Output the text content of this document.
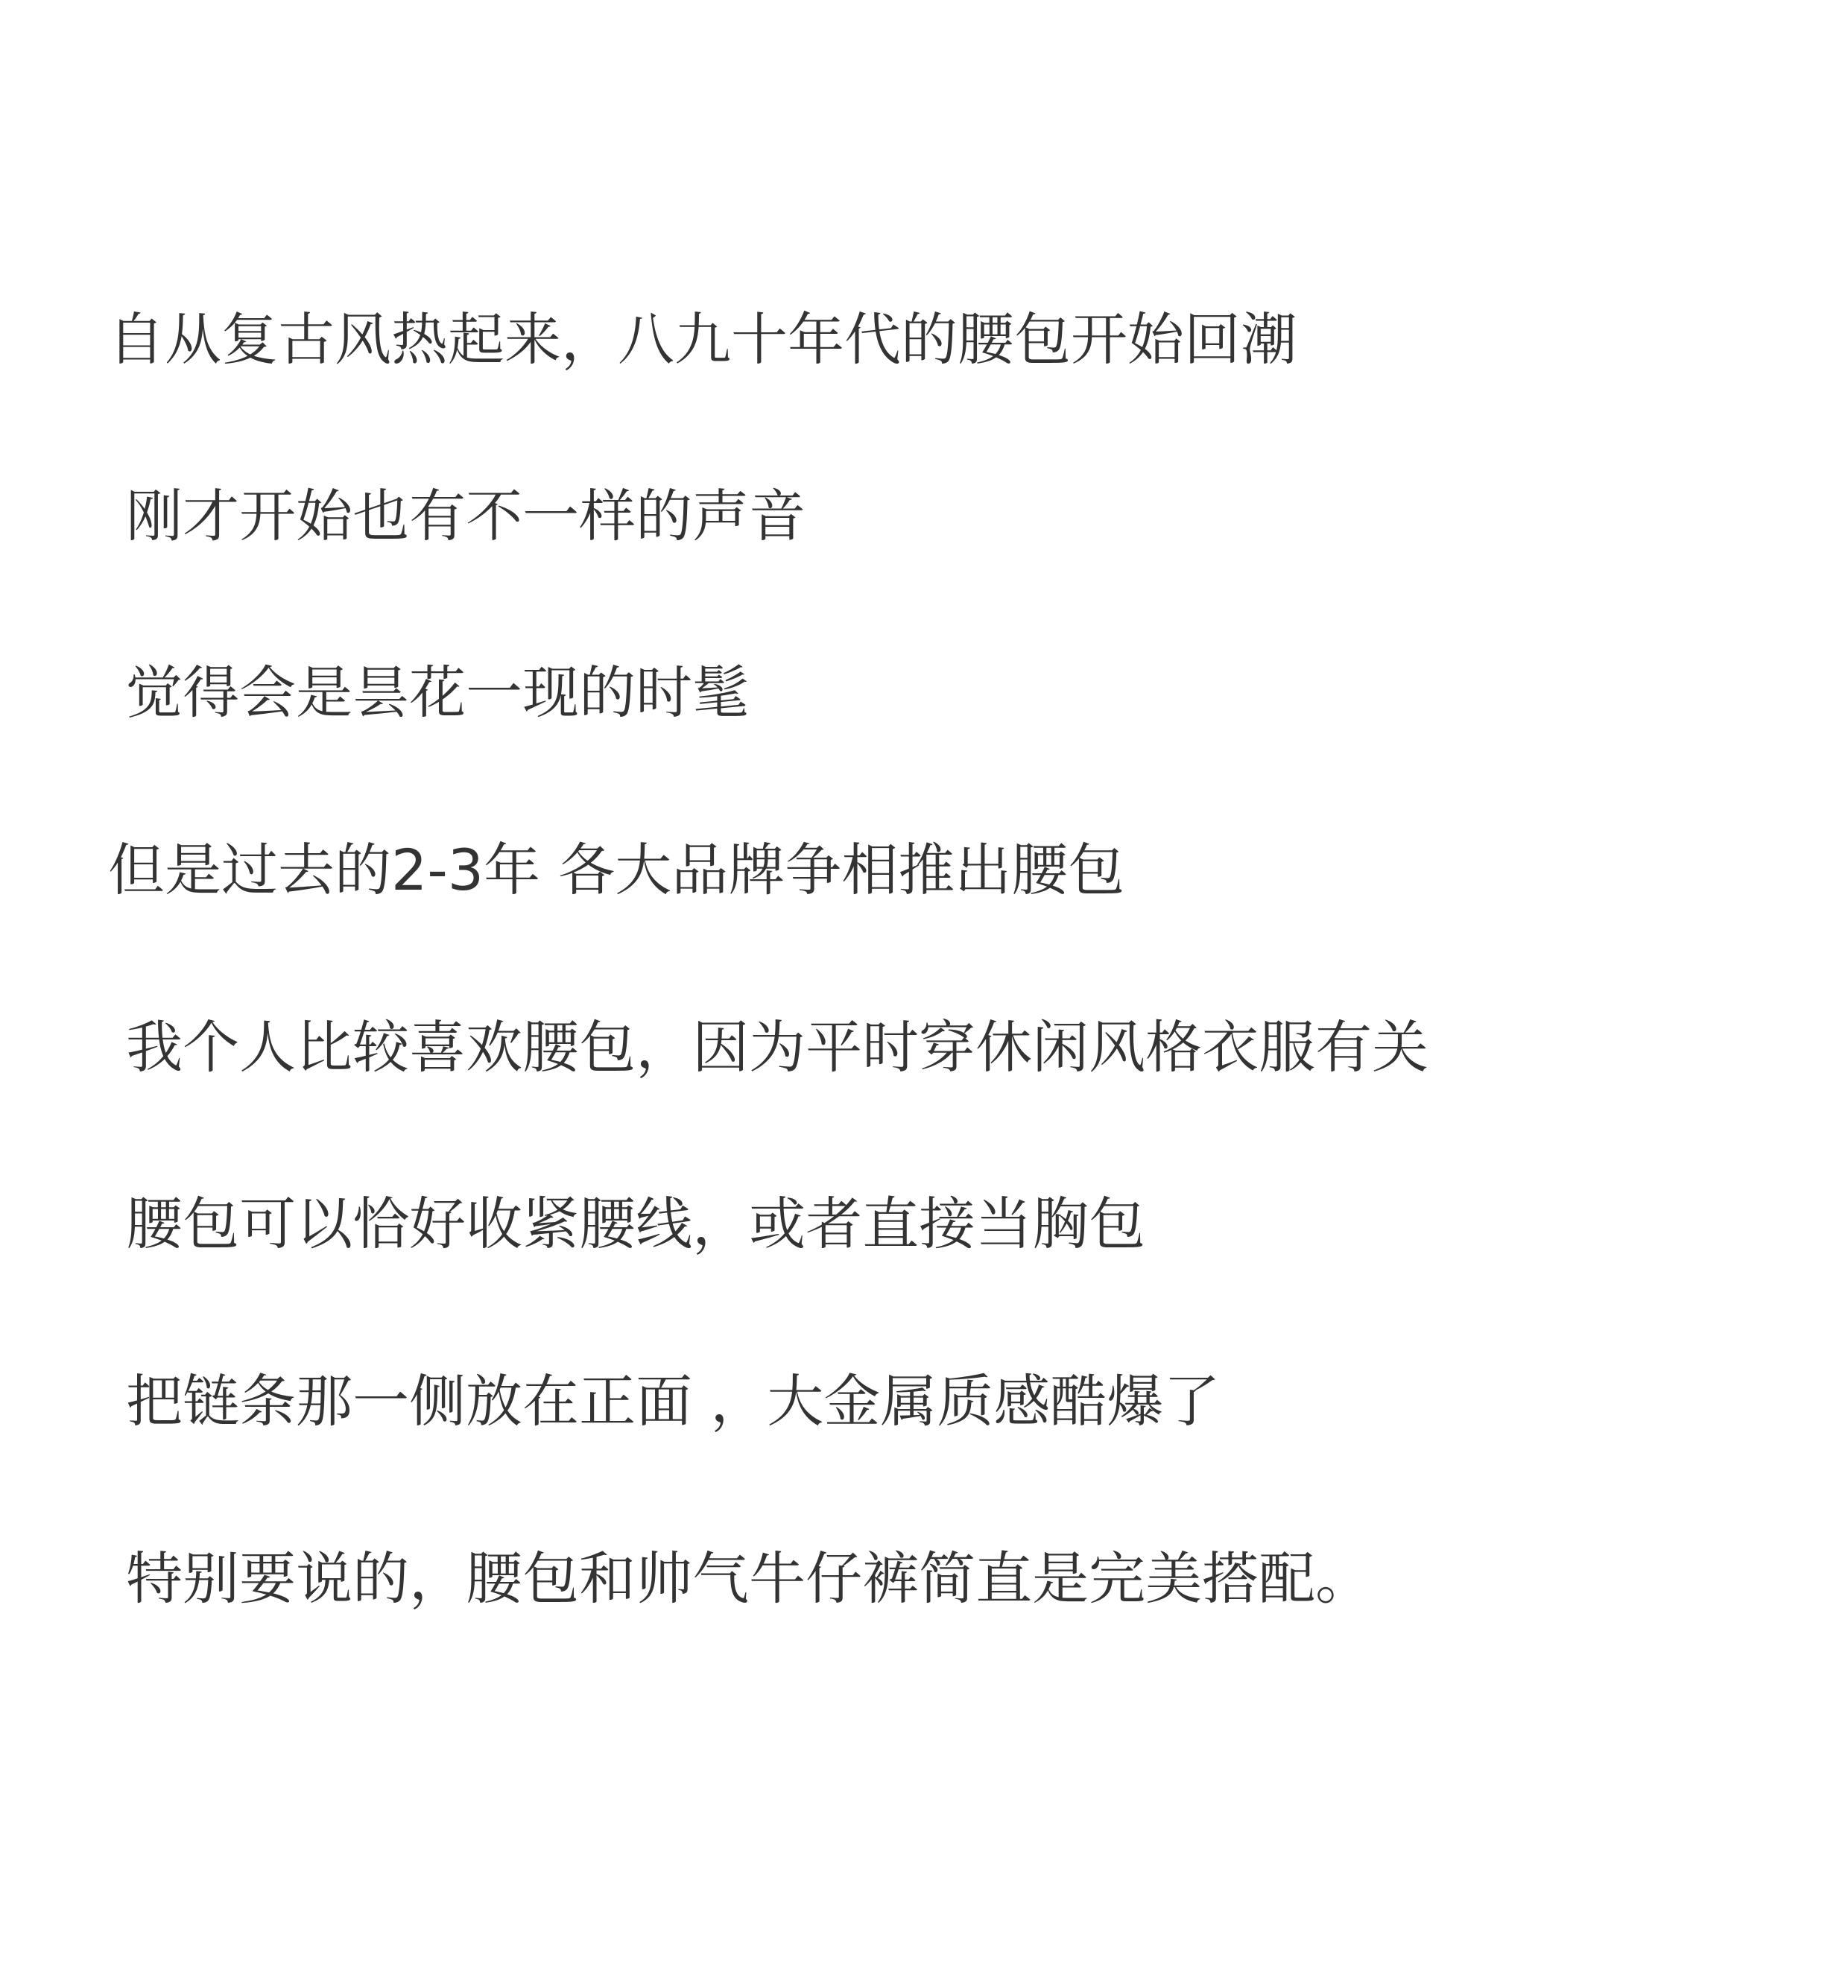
自从复古风热起来，八九十年代的腰包开始回潮
刚才开始也有不一样的声音
觉得会是昙花一现的时髦
但是过去的2-3年 各大品牌争相推出腰包
我个人比较喜欢腰包，因为平时穿休闲风格衣服有关
腰包可以恰好收紧腰线，或者直接当胸包
把链条那一侧放在正面 ，大金属质感酷爆了
特别要说的，腰包和帅气牛仔裤简直是完美搭配。
